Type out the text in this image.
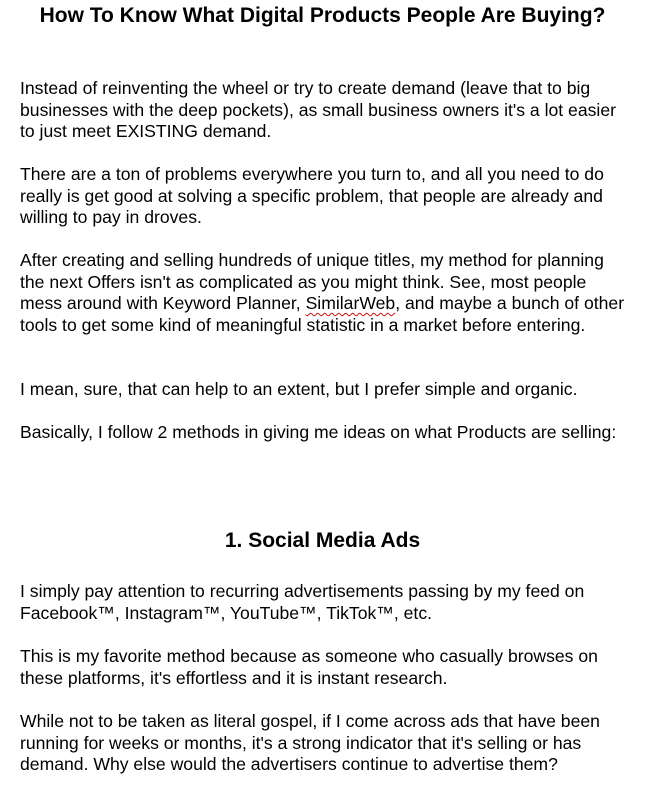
How To Know What Digital Products People Are Buying?

Instead of reinventing the wheel or try to create demand (leave that to big businesses with the deep pockets), as small business owners it's a lot easier to just meet EXISTING demand.

There are a ton of problems everywhere you turn to, and all you need to do really is get good at solving a specific problem, that people are already and willing to pay in droves.

After creating and selling hundreds of unique titles, my method for planning the next Offers isn't as complicated as you might think. See, most people mess around with Keyword Planner, SimilarWeb, and maybe a bunch of other tools to get some kind of meaningful statistic in a market before entering.

I mean, sure, that can help to an extent, but I prefer simple and organic.

Basically, I follow 2 methods in giving me ideas on what Products are selling:

1. Social Media Ads

I simply pay attention to recurring advertisements passing by my feed on Facebook™, Instagram™, YouTube™, TikTok™, etc.

This is my favorite method because as someone who casually browses on these platforms, it's effortless and it is instant research.

While not to be taken as literal gospel, if I come across ads that have been running for weeks or months, it's a strong indicator that it's selling or has demand. Why else would the advertisers continue to advertise them?
